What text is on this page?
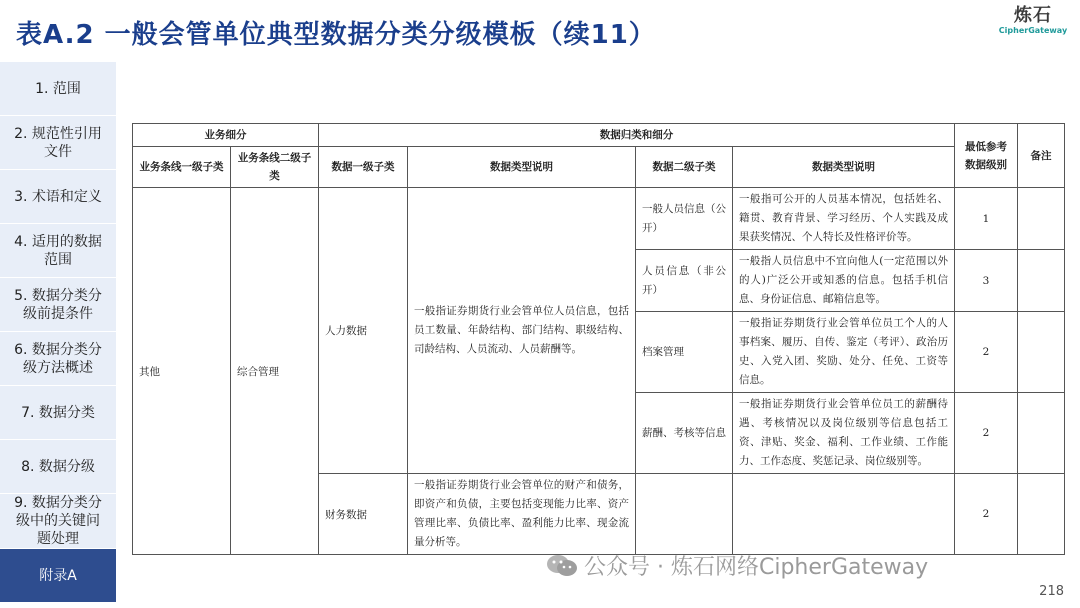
表A.2 一般会管单位典型数据分类分级模板（续11）
炼石
CipherGateway
1. 范围
2. 规范性引用文件
3. 术语和定义
4. 适用的数据范围
5. 数据分类分级前提条件
6. 数据分类分级方法概述
7. 数据分类
8. 数据分级
9. 数据分类分级中的关键问题处理
附录A
业务细分		数据归类和细分				最低参考数据级别	备注
业务条线一级子类	业务条线二级子类	数据一级子类	数据类型说明	数据二级子类	数据类型说明		
其他	综合管理	人力数据	一般指证券期货行业会管单位人员信息，包括员工数量、年龄结构、部门结构、职级结构、司龄结构、人员流动、人员薪酬等。	一般人员信息（公开）	一般指可公开的人员基本情况，包括姓名、籍贯、教育背景、学习经历、个人实践及成果获奖情况、个人特长及性格评价等。	1	
				人员信息（非公开）	一般指人员信息中不宜向他人(一定范围以外的人)广泛公开或知悉的信息。包括手机信息、身份证信息、邮箱信息等。	3	
				档案管理	一般指证券期货行业会管单位员工个人的人事档案、履历、自传、鉴定（考评）、政治历史、入党入团、奖励、处分、任免、工资等信息。	2	
				薪酬、考核等信息	一般指证券期货行业会管单位员工的薪酬待遇、考核情况以及岗位级别等信息包括工资、津贴、奖金、福利、工作业绩、工作能力、工作态度、奖惩记录、岗位级别等。	2	
		财务数据	一般指证券期货行业会管单位的财产和债务，即资产和负债，主要包括变现能力比率、资产管理比率、负债比率、盈利能力比率、现金流量分析等。			2	
公众号 · 炼石网络CipherGateway
218
